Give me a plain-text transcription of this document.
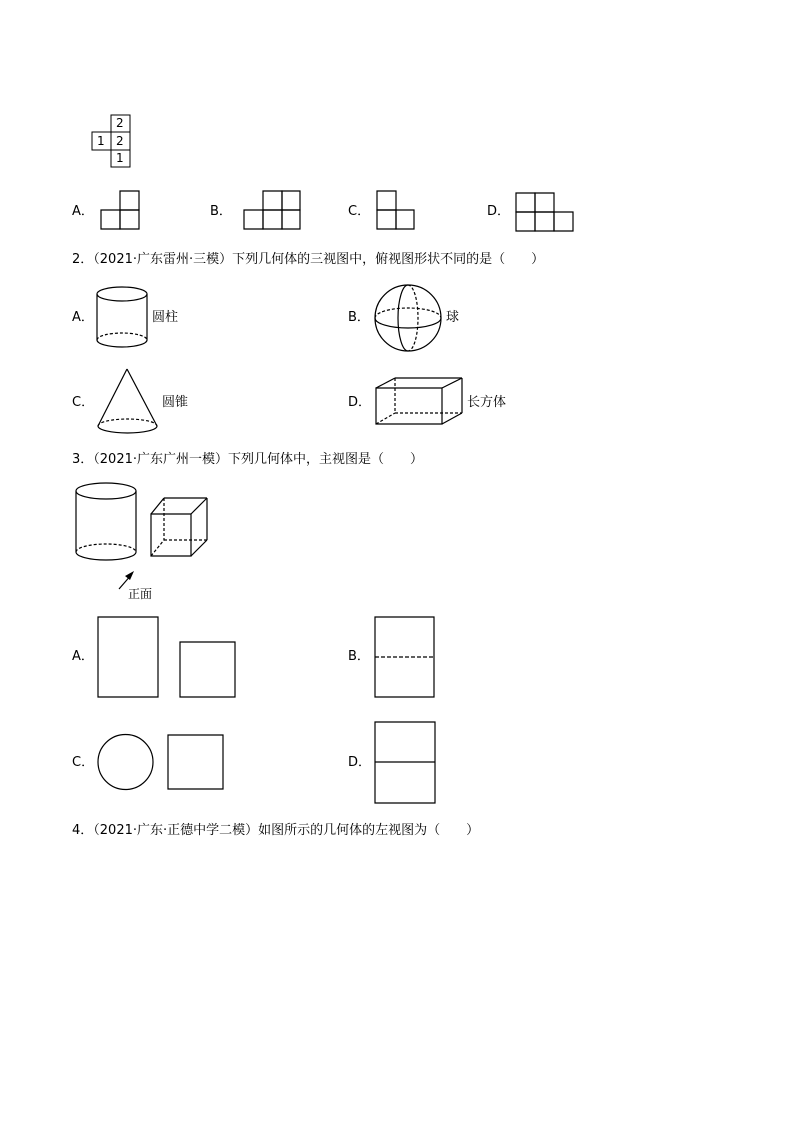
2
1 2
1
A．	B．	C．	D．
2．（2021·广东雷州·三模）下列几何体的三视图中，俯视图形状不同的是（　　）
A．	圆柱	B．	球
C．	圆锥	D．	长方体
3．（2021·广东广州一模）下列几何体中，主视图是（　　）
正面
A．	B．
C．	D．
4．（2021·广东·正德中学二模）如图所示的几何体的左视图为（　　）
